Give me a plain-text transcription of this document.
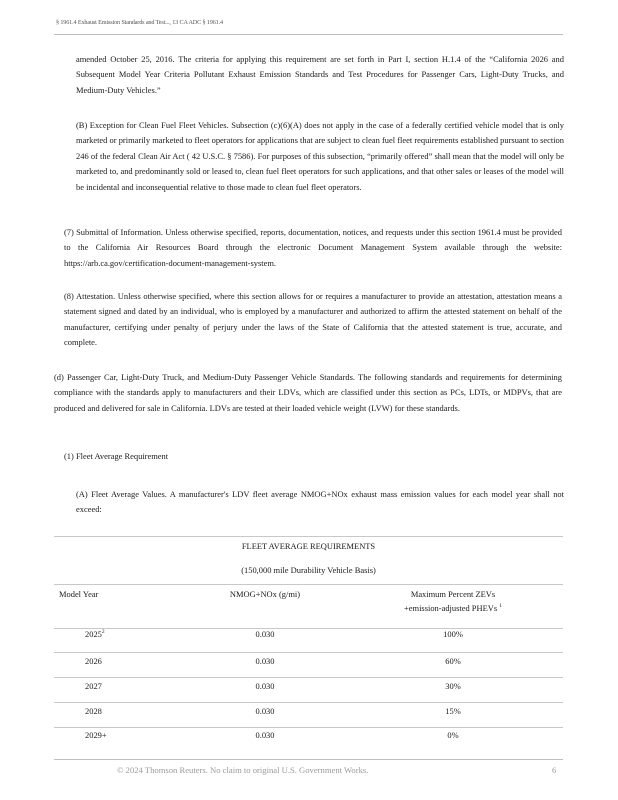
§ 1961.4 Exhaust Emission Standards and Test..., 13 CA ADC § 1961.4
amended October 25, 2016. The criteria for applying this requirement are set forth in Part I, section H.1.4 of the “California 2026 and Subsequent Model Year Criteria Pollutant Exhaust Emission Standards and Test Procedures for Passenger Cars, Light-Duty Trucks, and Medium-Duty Vehicles.”
(B) Exception for Clean Fuel Fleet Vehicles. Subsection (c)(6)(A) does not apply in the case of a federally certified vehicle model that is only marketed or primarily marketed to fleet operators for applications that are subject to clean fuel fleet requirements established pursuant to section 246 of the federal Clean Air Act ( 42 U.S.C. § 7586). For purposes of this subsection, “primarily offered” shall mean that the model will only be marketed to, and predominantly sold or leased to, clean fuel fleet operators for such applications, and that other sales or leases of the model will be incidental and inconsequential relative to those made to clean fuel fleet operators.
(7) Submittal of Information. Unless otherwise specified, reports, documentation, notices, and requests under this section 1961.4 must be provided to the California Air Resources Board through the electronic Document Management System available through the website: https://arb.ca.gov/certification-document-management-system.
(8) Attestation. Unless otherwise specified, where this section allows for or requires a manufacturer to provide an attestation, attestation means a statement signed and dated by an individual, who is employed by a manufacturer and authorized to affirm the attested statement on behalf of the manufacturer, certifying under penalty of perjury under the laws of the State of California that the attested statement is true, accurate, and complete.
(d) Passenger Car, Light-Duty Truck, and Medium-Duty Passenger Vehicle Standards. The following standards and requirements for determining compliance with the standards apply to manufacturers and their LDVs, which are classified under this section as PCs, LDTs, or MDPVs, that are produced and delivered for sale in California. LDVs are tested at their loaded vehicle weight (LVW) for these standards.
(1) Fleet Average Requirement
(A) Fleet Average Values. A manufacturer's LDV fleet average NMOG+NOx exhaust mass emission values for each model year shall not exceed:
FLEET AVERAGE REQUIREMENTS
(150,000 mile Durability Vehicle Basis)
Model Year	NMOG+NOx (g/mi)	Maximum Percent ZEVs
+emission-adjusted PHEVs $^1$
2025$^2$	0.030	100%
2026	0.030	60%
2027	0.030	30%
2028	0.030	15%
2029+	0.030	0%
© 2024 Thomson Reuters. No claim to original U.S. Government Works.	6
